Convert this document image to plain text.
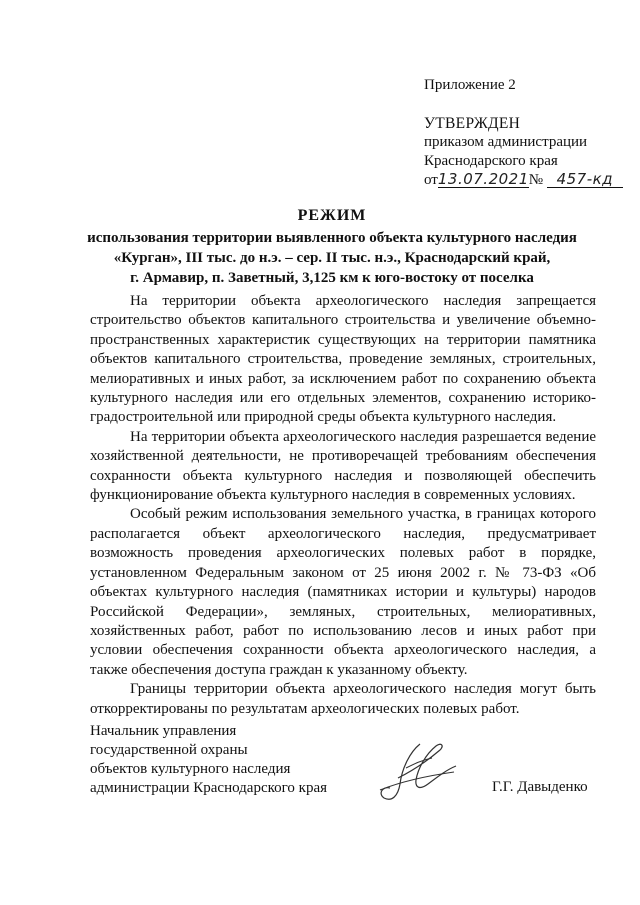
Приложение 2
УТВЕРЖДЕН
приказом администрации
Краснодарского края
от13.07.2021№ 457-кд
РЕЖИМ
использования территории выявленного объекта культурного наследия
«Курган», III тыс. до н.э. – сер. II тыс. н.э., Краснодарский край,
г. Армавир, п. Заветный, 3,125 км к юго-востоку от поселка

На территории объекта археологического наследия запрещается строительство объектов капитального строительства и увеличение объемно-пространственных характеристик существующих на территории памятника объектов капитального строительства, проведение земляных, строительных, мелиоративных и иных работ, за исключением работ по сохранению объекта культурного наследия или его отдельных элементов, сохранению историко-градостроительной или природной среды объекта культурного наследия.

На территории объекта археологического наследия разрешается ведение хозяйственной деятельности, не противоречащей требованиям обеспечения сохранности объекта культурного наследия и позволяющей обеспечить функционирование объекта культурного наследия в современных условиях.

Особый режим использования земельного участка, в границах которого располагается объект археологического наследия, предусматривает возможность проведения археологических полевых работ в порядке, установленном Федеральным законом от 25 июня 2002 г. № 73-ФЗ «Об объектах культурного наследия (памятниках истории и культуры) народов Российской Федерации», земляных, строительных, мелиоративных, хозяйственных работ, работ по использованию лесов и иных работ при условии обеспечения сохранности объекта археологического наследия, а также обеспечения доступа граждан к указанному объекту.

Границы территории объекта археологического наследия могут быть откорректированы по результатам археологических полевых работ.

Начальник управления
государственной охраны
объектов культурного наследия
администрации Краснодарского края	Г.Г. Давыденко
